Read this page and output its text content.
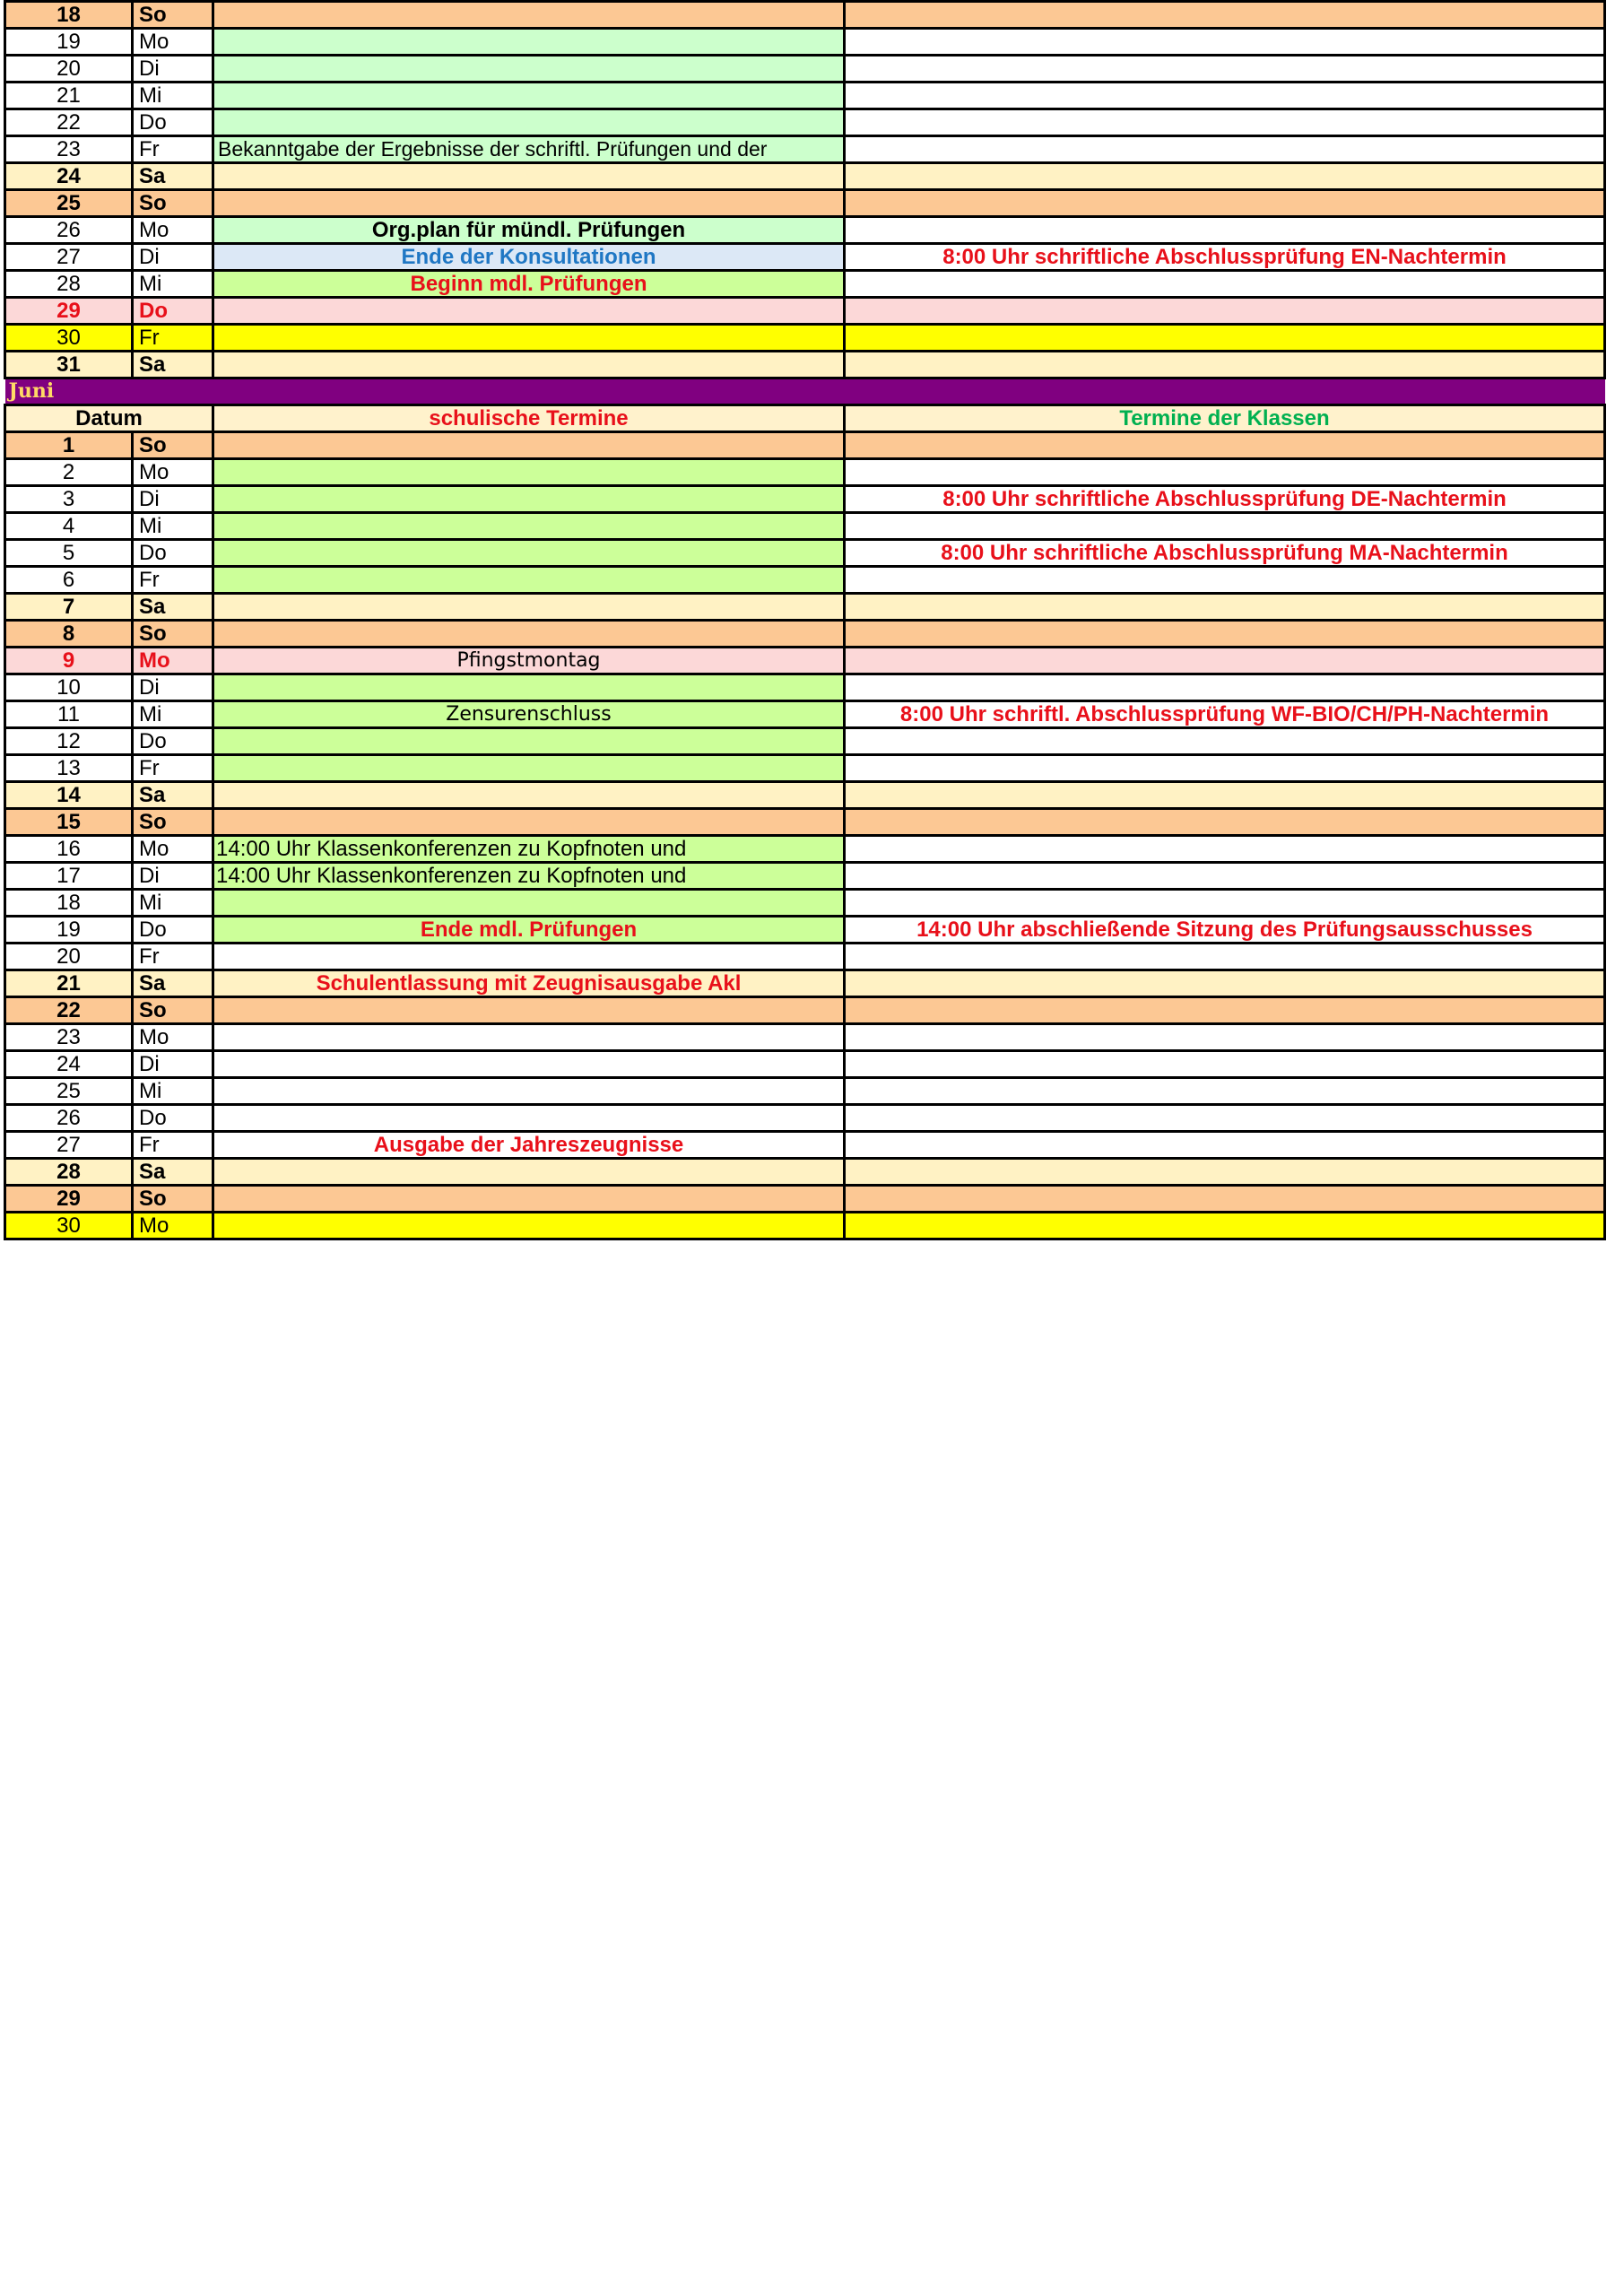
18	So		
19	Mo		
20	Di		
21	Mi		
22	Do		
23	Fr	Bekanntgabe der Ergebnisse der schriftl. Prüfungen und der	
24	Sa		
25	So		
26	Mo	Org.plan für mündl. Prüfungen	
27	Di	Ende der Konsultationen	8:00 Uhr schriftliche Abschlussprüfung EN-Nachtermin
28	Mi	Beginn mdl. Prüfungen	
29	Do		
30	Fr		
31	Sa		
Juni			
Datum		schulische Termine	Termine der Klassen
1	So		
2	Mo		
3	Di		8:00 Uhr schriftliche Abschlussprüfung DE-Nachtermin
4	Mi		
5	Do		8:00 Uhr schriftliche Abschlussprüfung MA-Nachtermin
6	Fr		
7	Sa		
8	So		
9	Mo	Pfingstmontag	
10	Di		
11	Mi	Zensurenschluss	8:00 Uhr schriftl. Abschlussprüfung WF-BIO/CH/PH-Nachtermin
12	Do		
13	Fr		
14	Sa		
15	So		
16	Mo	14:00 Uhr Klassenkonferenzen zu Kopfnoten und	
17	Di	14:00 Uhr Klassenkonferenzen zu Kopfnoten und	
18	Mi		
19	Do	Ende mdl. Prüfungen	14:00 Uhr abschließende Sitzung des Prüfungsausschusses
20	Fr		
21	Sa	Schulentlassung mit Zeugnisausgabe Akl	
22	So		
23	Mo		
24	Di		
25	Mi		
26	Do		
27	Fr	Ausgabe der Jahreszeugnisse	
28	Sa		
29	So		
30	Mo		
